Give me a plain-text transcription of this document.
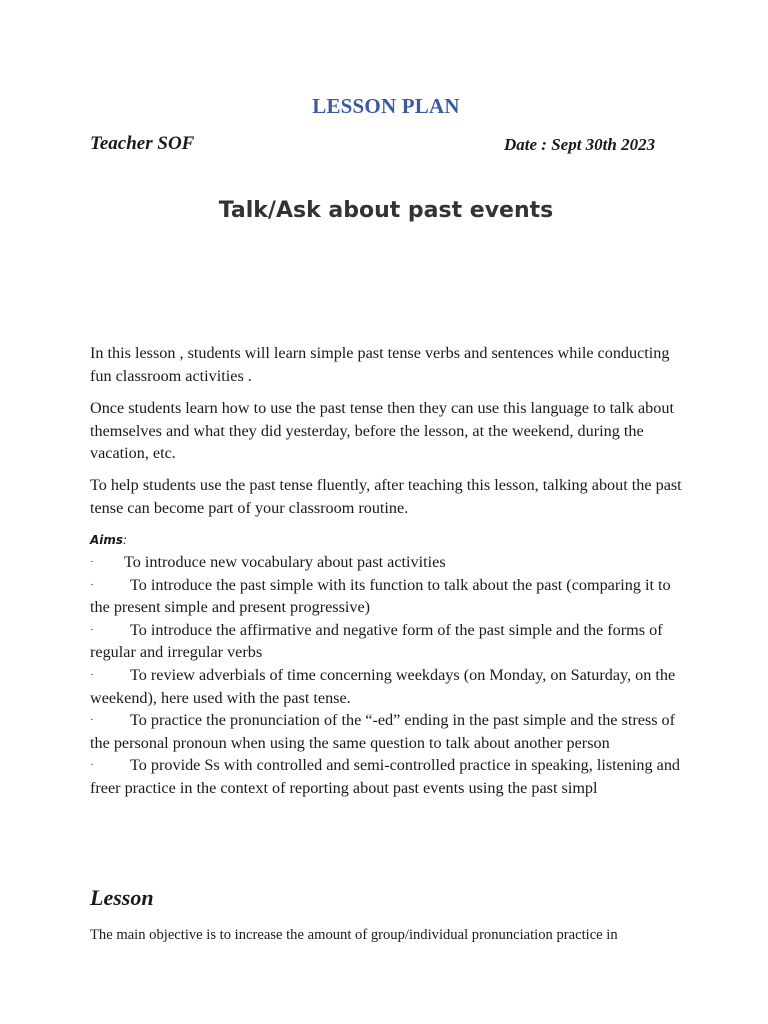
LESSON PLAN
Teacher SOF	Date : Sept 30th 2023
Talk/Ask about past events
In this lesson , students will learn simple past tense verbs and sentences while conducting fun classroom activities .
Once students learn how to use the past tense then they can use this language to talk about themselves and what they did yesterday, before the lesson, at the weekend, during the vacation, etc.
To help students use the past tense fluently, after teaching this lesson, talking about the past tense can become part of your classroom routine.
Aims:

· To introduce new vocabulary about past activities

· To introduce the past simple with its function to talk about the past (comparing it to the present simple and present progressive)

· To introduce the affirmative and negative form of the past simple and the forms of regular and irregular verbs

· To review adverbials of time concerning weekdays (on Monday, on Saturday, on the weekend), here used with the past tense.

· To practice the pronunciation of the “-ed” ending in the past simple and the stress of the personal pronoun when using the same question to talk about another person

· To provide Ss with controlled and semi-controlled practice in speaking, listening and freer practice in the context of reporting about past events using the past simpl

Lesson
The main objective is to increase the amount of group/individual pronunciation practice in
